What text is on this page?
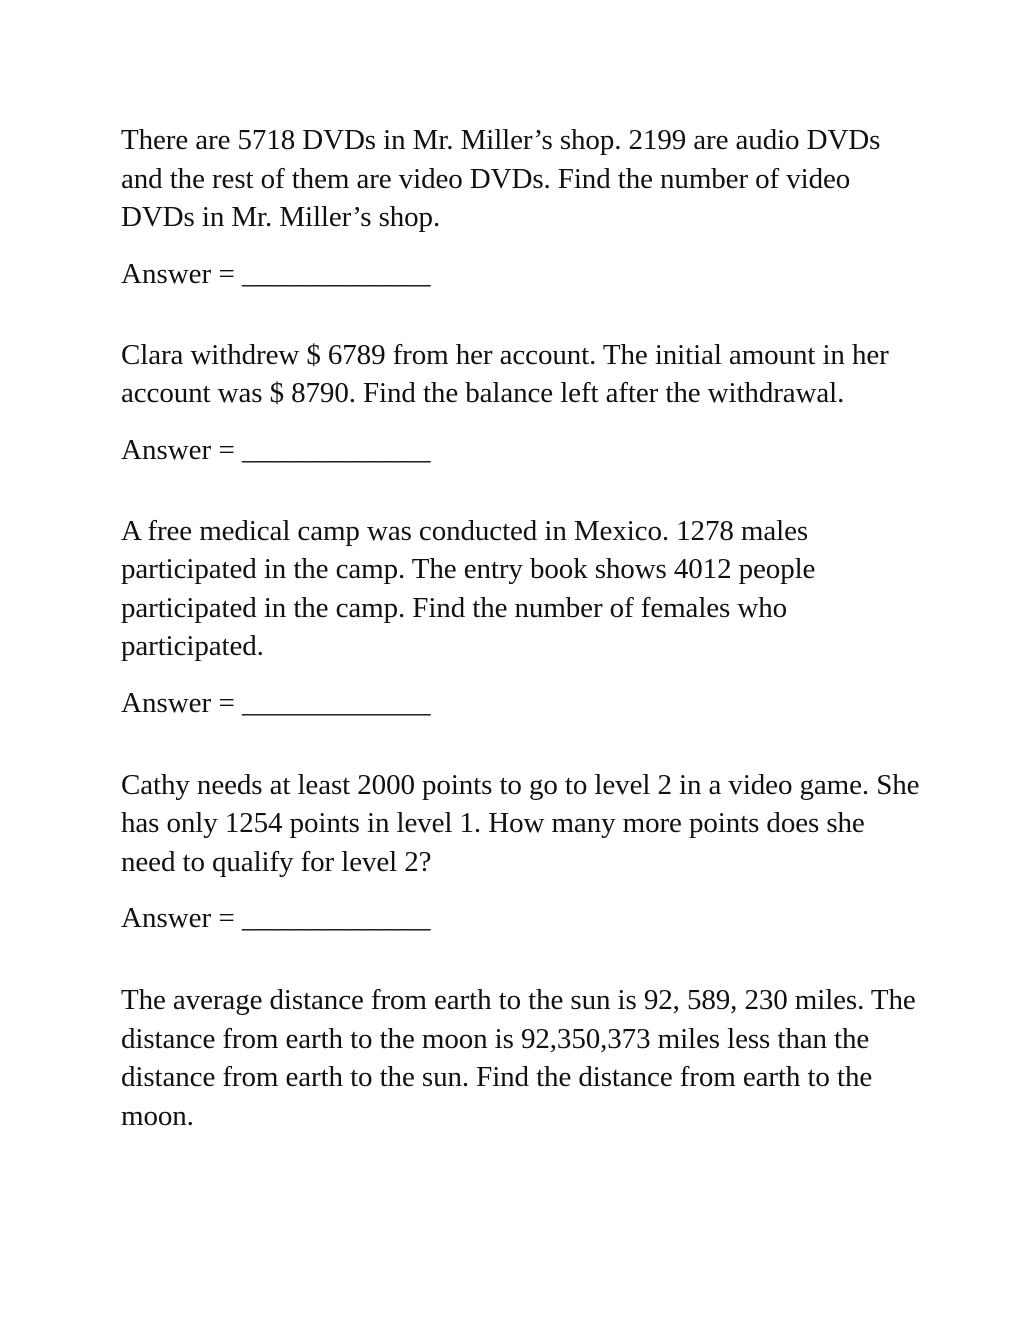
There are 5718 DVDs in Mr. Miller’s shop. 2199 are audio DVDs and the rest of them are video DVDs. Find the number of video DVDs in Mr. Miller’s shop.

Answer = _____________

Clara withdrew $ 6789 from her account. The initial amount in her account was $ 8790. Find the balance left after the withdrawal.

Answer = _____________

A free medical camp was conducted in Mexico. 1278 males participated in the camp. The entry book shows 4012 people participated in the camp. Find the number of females who participated.

Answer = _____________

Cathy needs at least 2000 points to go to level 2 in a video game. She has only 1254 points in level 1. How many more points does she need to qualify for level 2?

Answer = _____________

The average distance from earth to the sun is 92, 589, 230 miles. The distance from earth to the moon is 92,350,373 miles less than the distance from earth to the sun. Find the distance from earth to the moon.
